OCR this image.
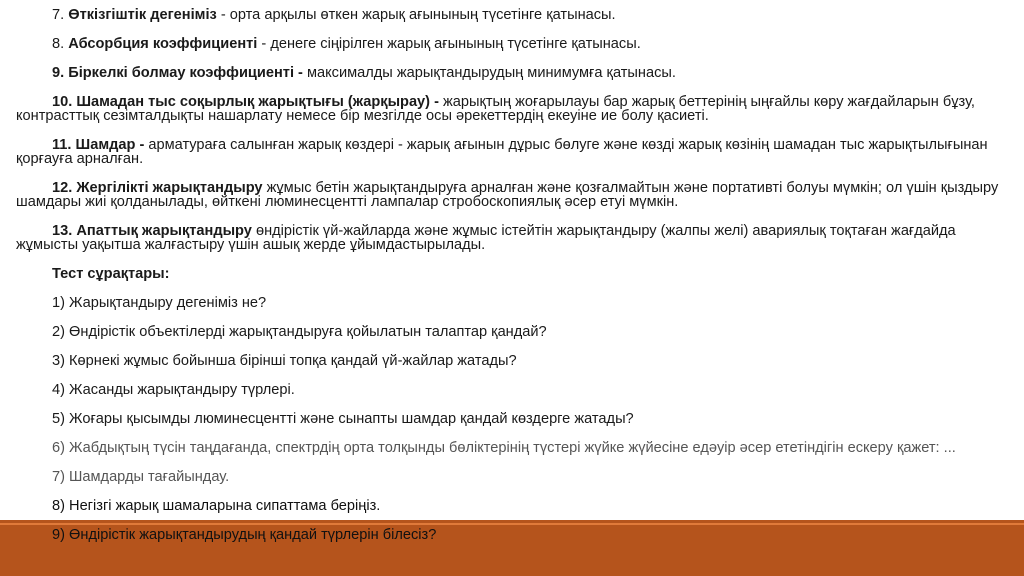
7. Өткізгіштік дегеніміз - орта арқылы өткен жарық ағынының түсетінге қатынасы.

8. Абсорбция коэффициенті - денеге сіңірілген жарық ағынының түсетінге қатынасы.

9. Біркелкі болмау коэффициенті - максималды жарықтандырудың минимумға қатынасы.

10. Шамадан тыс соқырлық жарықтығы (жарқырау) - жарықтың жоғарылауы бар жарық беттерінің ыңғайлы көру жағдайларын бұзу, контрасттық сезімталдықты нашарлату немесе бір мезгілде осы әрекеттердің екеуіне ие болу қасиеті.

11. Шамдар - арматураға салынған жарық көздері - жарық ағынын дұрыс бөлуге және көзді жарық көзінің шамадан тыс жарықтылығынан қорғауға арналған.

12. Жергілікті жарықтандыру жұмыс бетін жарықтандыруға арналған және қозғалмайтын және портативті болуы мүмкін; ол үшін қыздыру шамдары жиі қолданылады, өйткені люминесцентті лампалар стробоскопиялық әсер етуі мүмкін.

13. Апаттық жарықтандыру өндірістік үй-жайларда және жұмыс істейтін жарықтандыру (жалпы желі) авариялық тоқтаған жағдайда жұмысты уақытша жалғастыру үшін ашық жерде ұйымдастырылады.

Тест сұрақтары:

1) Жарықтандыру дегеніміз не?

2) Өндірістік объектілерді жарықтандыруға қойылатын талаптар қандай?

3) Көрнекі жұмыс бойынша бірінші топқа қандай үй-жайлар жатады?

4) Жасанды жарықтандыру түрлері.

5) Жоғары қысымды люминесцентті және сынапты шамдар қандай көздерге жатады?

6) Жабдықтың түсін таңдағанда, спектрдің орта толқынды бөліктерінің түстері жүйке жүйесіне едәуір әсер ететіндігін ескеру қажет: ...

7) Шамдарды тағайындау.

8) Негізгі жарық шамаларына сипаттама беріңіз.

9) Өндірістік жарықтандырудың қандай түрлерін білесіз?
